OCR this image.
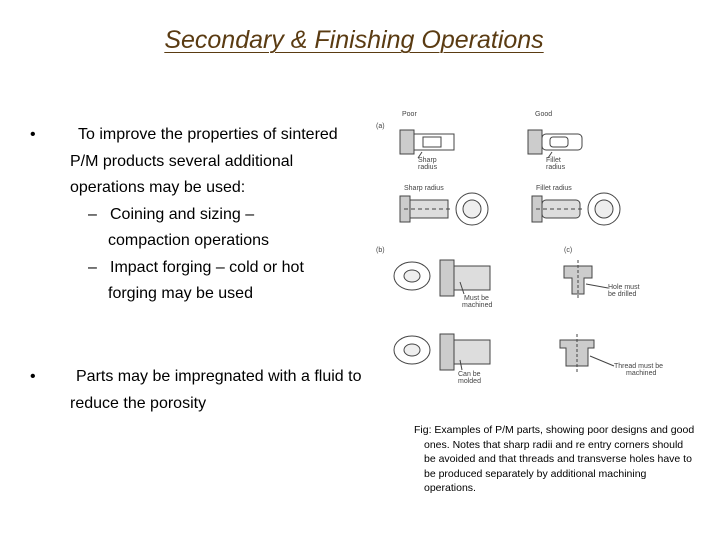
Secondary & Finishing Operations
•	To improve the properties of sintered P/M products several additional operations may be used:
– Coining and sizing – compaction operations
– Impact forging – cold or hot forging may be used
•	Parts may be impregnated with a fluid to reduce the porosity
(a)
Poor
Sharp
radius
Good
Fillet
radius
Sharp radius	Fillet radius
(b)
Must be
machined
(c)
Hole must
be drilled
Can be
molded
Thread must be
machined
Fig: Examples of P/M parts, showing poor designs and good ones. Notes that sharp radii and re entry corners should be avoided and that threads and transverse holes have to be produced separately by additional machining operations.
